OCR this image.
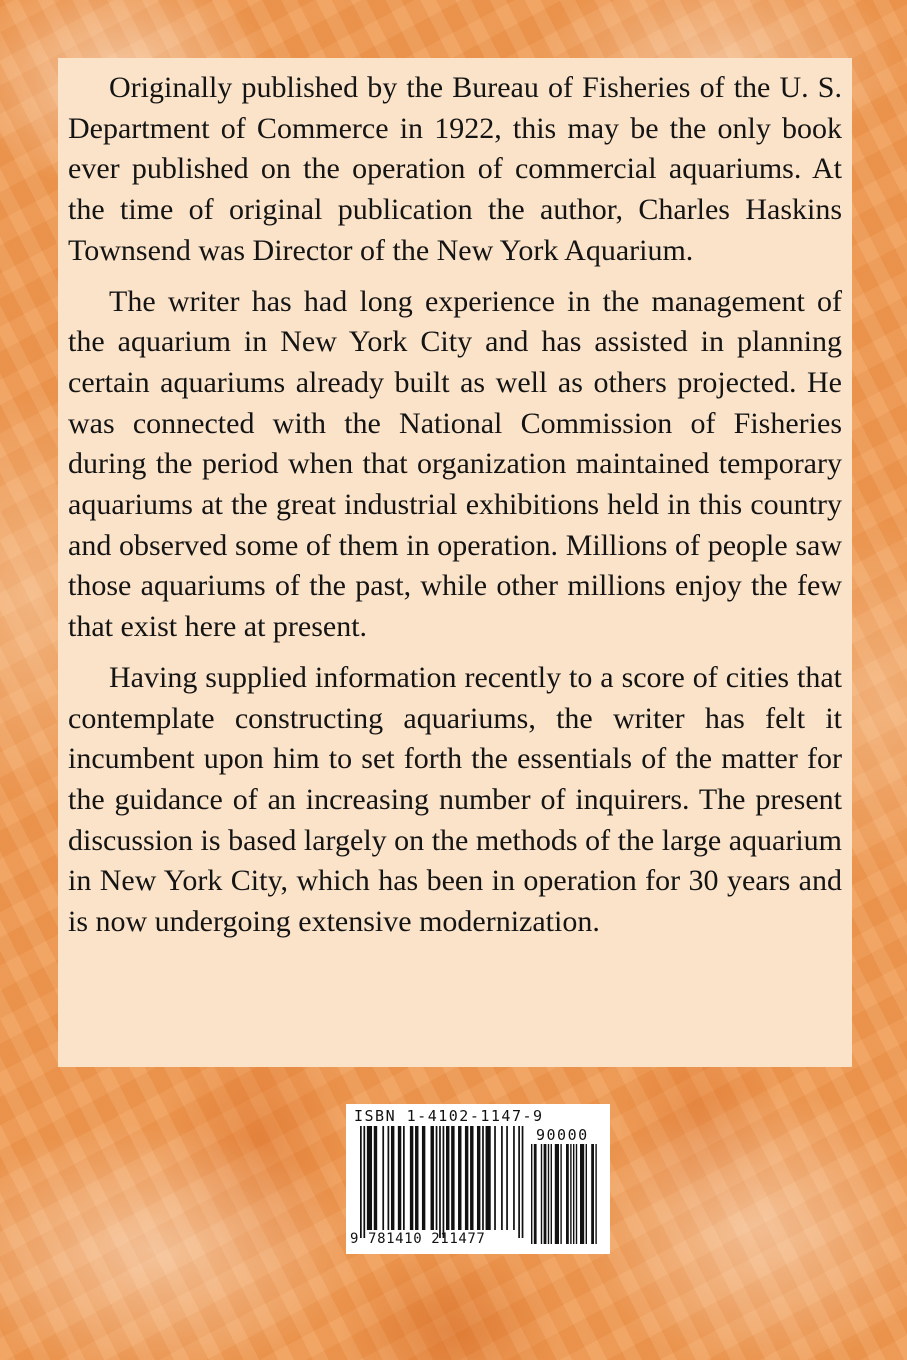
Originally published by the Bureau of Fisheries of the U. S. Department of Commerce in 1922, this may be the only book ever published on the operation of commercial aquariums. At the time of original publication the author, Charles Haskins Townsend was Director of the New York Aquarium.

The writer has had long experience in the management of the aquarium in New York City and has assisted in planning certain aquariums already built as well as others projected. He was connected with the National Commission of Fisheries during the period when that organization maintained temporary aquariums at the great industrial exhibitions held in this country and observed some of them in operation. Millions of people saw those aquariums of the past, while other millions enjoy the few that exist here at present.

Having supplied information recently to a score of cities that contemplate constructing aquariums, the writer has felt it incumbent upon him to set forth the essentials of the matter for the guidance of an increasing number of inquirers. The present discussion is based largely on the methods of the large aquarium in New York City, which has been in operation for 30 years and is now undergoing extensive modernization.

ISBN 1-4102-1147-9
90000
9 781410 211477
